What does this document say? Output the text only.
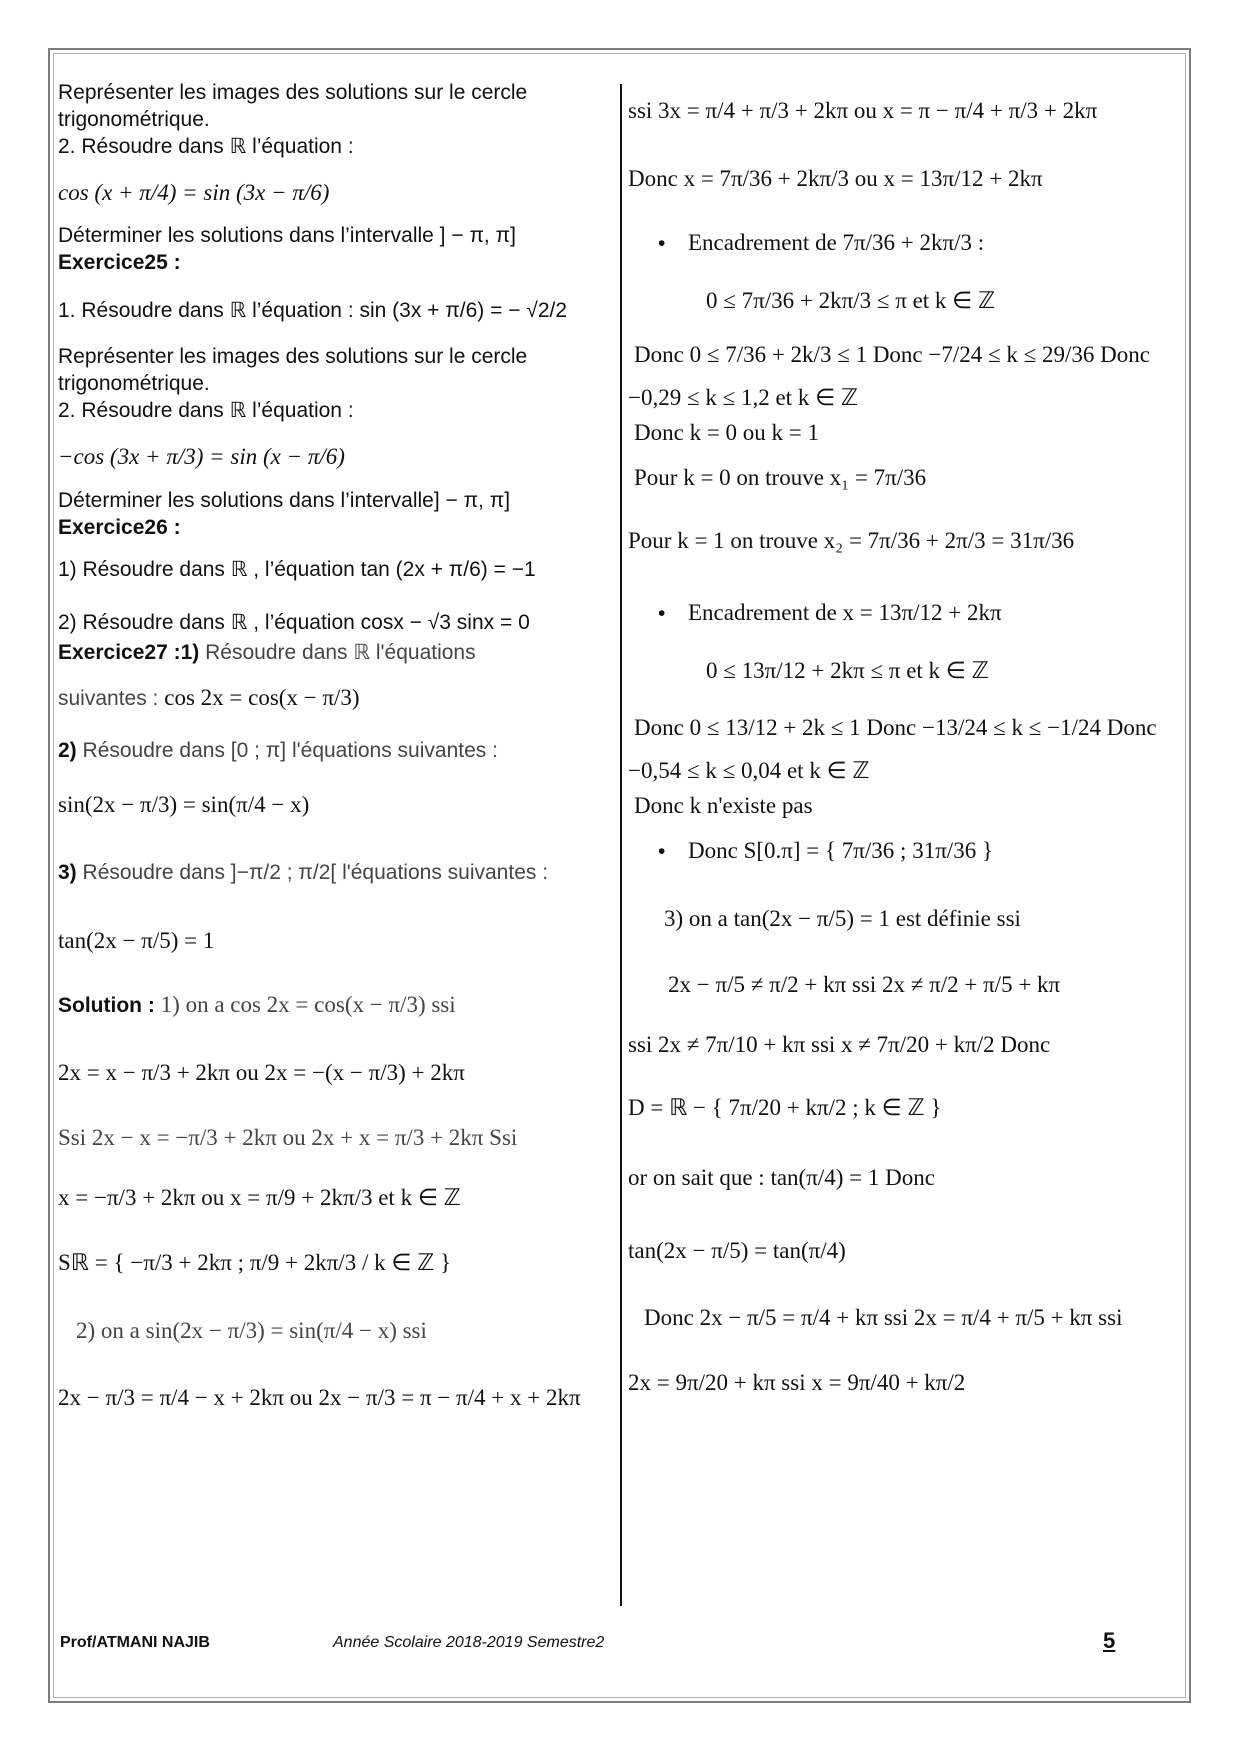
Représenter les images des solutions sur le cercle
trigonométrique.
2. Résoudre dans ℝ l’équation :
cos (x + π/4) = sin (3x − π/6)
Déterminer les solutions dans l’intervalle ] − π, π]
Exercice25 :
1. Résoudre dans ℝ l’équation : sin (3x + π/6) = − √2/2
Représenter les images des solutions sur le cercle
trigonométrique.
2. Résoudre dans ℝ l’équation :
−cos (3x + π/3) = sin (x − π/6)
Déterminer les solutions dans l’intervalle] − π, π]
Exercice26 :
1) Résoudre dans ℝ , l’équation tan (2x + π/6) = −1
2) Résoudre dans ℝ , l’équation cosx − √3 sinx = 0
Exercice27 :1) Résoudre dans ℝ l'équations
suivantes : cos 2x = cos(x − π/3)
2) Résoudre dans [0 ; π] l'équations suivantes :
sin(2x − π/3) = sin(π/4 − x)
3) Résoudre dans ]−π/2 ; π/2[ l'équations suivantes :
tan(2x − π/5) = 1
Solution : 1) on a cos 2x = cos(x − π/3) ssi
2x = x − π/3 + 2kπ ou 2x = −(x − π/3) + 2kπ
Ssi 2x − x = −π/3 + 2kπ ou 2x + x = π/3 + 2kπ Ssi
x = −π/3 + 2kπ ou x = π/9 + 2kπ/3 et k ∈ ℤ
Sℝ = { −π/3 + 2kπ ; π/9 + 2kπ/3 / k ∈ ℤ }
2) on a sin(2x − π/3) = sin(π/4 − x) ssi
2x − π/3 = π/4 − x + 2kπ ou 2x − π/3 = π − π/4 + x + 2kπ
ssi 3x = π/4 + π/3 + 2kπ ou x = π − π/4 + π/3 + 2kπ
Donc x = 7π/36 + 2kπ/3 ou x = 13π/12 + 2kπ
• Encadrement de 7π/36 + 2kπ/3 :
0 ≤ 7π/36 + 2kπ/3 ≤ π et k ∈ ℤ
Donc 0 ≤ 7/36 + 2k/3 ≤ 1 Donc −7/24 ≤ k ≤ 29/36 Donc
−0,29 ≤ k ≤ 1,2 et k ∈ ℤ
Donc k = 0 ou k = 1
Pour k = 0 on trouve x₁ = 7π/36
Pour k = 1 on trouve x₂ = 7π/36 + 2π/3 = 31π/36
• Encadrement de x = 13π/12 + 2kπ
0 ≤ 13π/12 + 2kπ ≤ π et k ∈ ℤ
Donc 0 ≤ 13/12 + 2k ≤ 1 Donc −13/24 ≤ k ≤ −1/24 Donc
−0,54 ≤ k ≤ 0,04 et k ∈ ℤ
Donc k n'existe pas
• Donc S[0.π] = { 7π/36 ; 31π/36 }
3) on a tan(2x − π/5) = 1 est définie ssi
2x − π/5 ≠ π/2 + kπ ssi 2x ≠ π/2 + π/5 + kπ
ssi 2x ≠ 7π/10 + kπ ssi x ≠ 7π/20 + kπ/2 Donc
D = ℝ − { 7π/20 + kπ/2 ; k ∈ ℤ }
or on sait que : tan(π/4) = 1 Donc
tan(2x − π/5) = tan(π/4)
Donc 2x − π/5 = π/4 + kπ ssi 2x = π/4 + π/5 + kπ ssi
2x = 9π/20 + kπ ssi x = 9π/40 + kπ/2
Prof/ATMANI NAJIB	Année Scolaire 2018-2019 Semestre2	5
